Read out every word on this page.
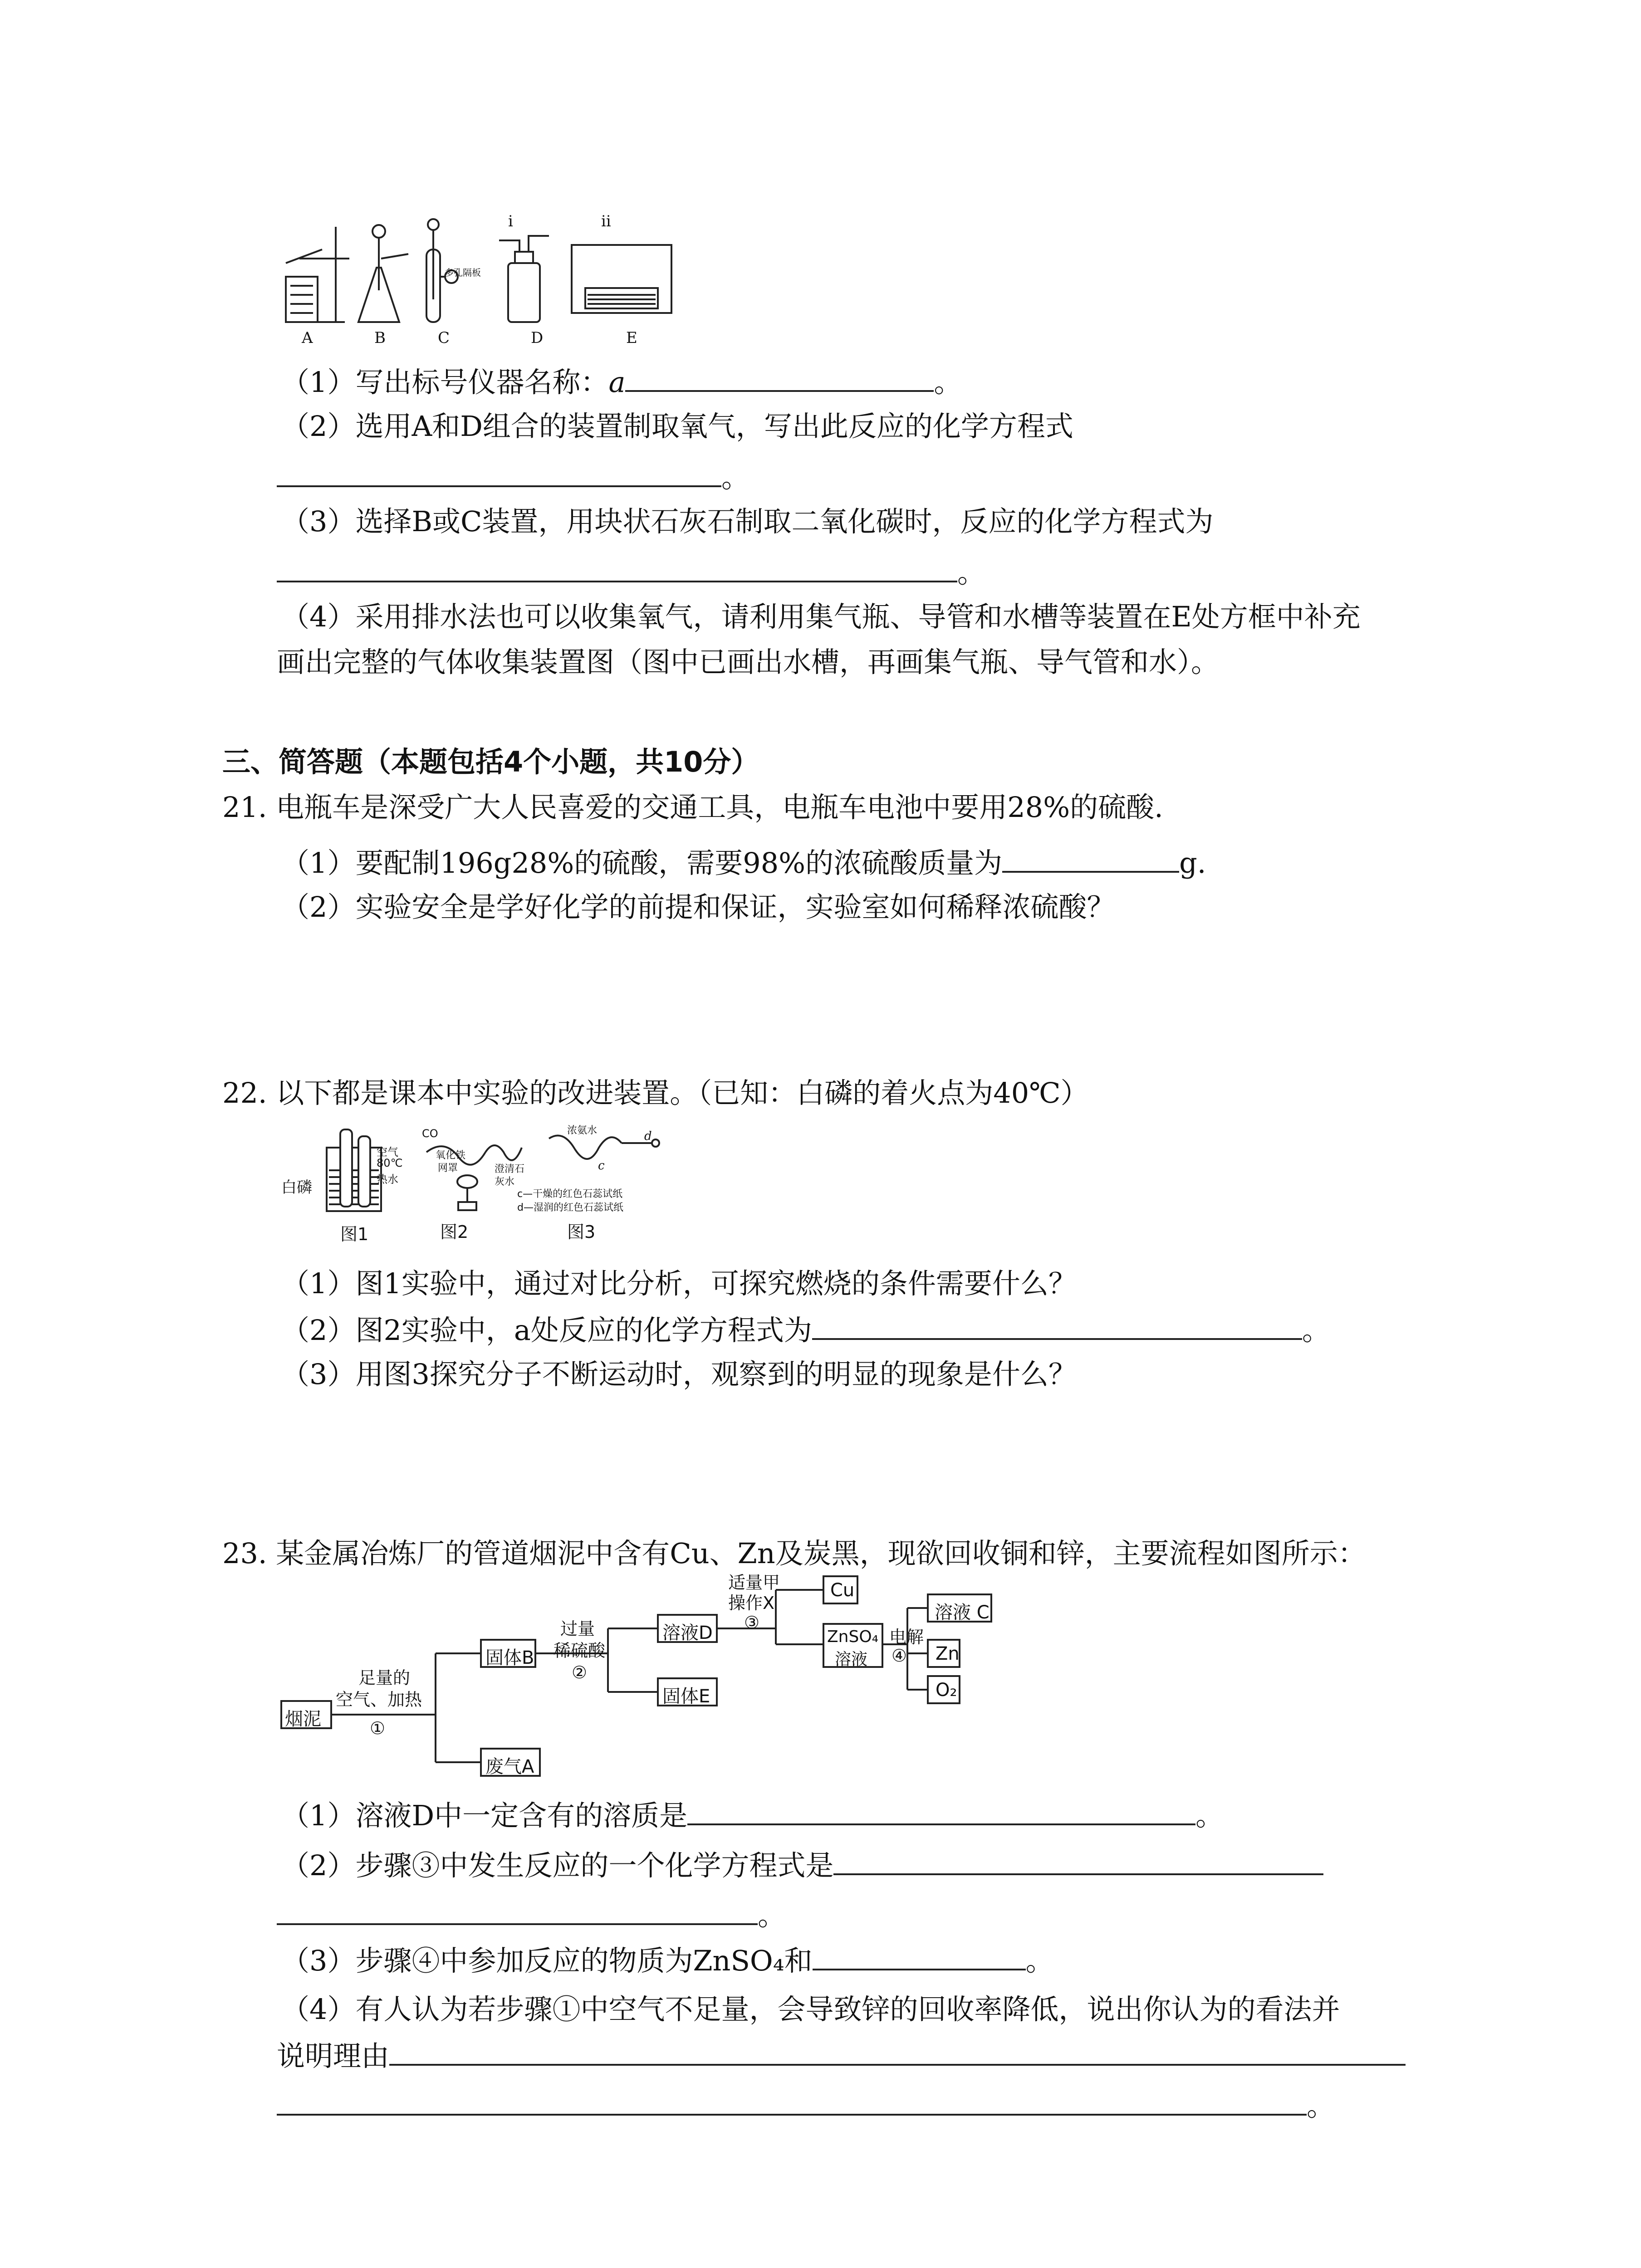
i	ii
多孔隔板
A	B	C	D	E
（1）写出标号仪器名称：a	。
（2）选用A和D组合的装置制取氧气，写出此反应的化学方程式
。
（3）选择B或C装置，用块状石灰石制取二氧化碳时，反应的化学方程式为
。
（4）采用排水法也可以收集氧气，请利用集气瓶、导管和水槽等装置在E处方框中补充
画出完整的气体收集装置图（图中已画出水槽，再画集气瓶、导气管和水）。
三、简答题（本题包括4个小题，共10分）
21. 电瓶车是深受广大人民喜爱的交通工具，电瓶车电池中要用28%的硫酸.
（1）要配制196g28%的硫酸，需要98%的浓硫酸质量为	g.
（2）实验安全是学好化学的前提和保证，实验室如何稀释浓硫酸？
22. 以下都是课本中实验的改进装置。（已知：白磷的着火点为40℃）
白磷
空气
80℃
热水
CO
氧化铁
网罩	澄清石
灰水
浓氨水
c
d
c—干燥的红色石蕊试纸
d—湿润的红色石蕊试纸
图1	图2	图3
（1）图1实验中，通过对比分析，可探究燃烧的条件需要什么？
（2）图2实验中，a处反应的化学方程式为	。
（3）用图3探究分子不断运动时，观察到的明显的现象是什么？
23. 某金属冶炼厂的管道烟泥中含有Cu、Zn及炭黑，现欲回收铜和锌，主要流程如图所示：
烟泥
足量的
空气、加热
①
固体B
废气A
过量
稀硫酸
②
溶液D
固体E
适量甲
操作X
③
Cu
ZnSO₄
溶液
电解
④
溶液 C
Zn
O₂
（1）溶液D中一定含有的溶质是	。
（2）步骤③中发生反应的一个化学方程式是
。
（3）步骤④中参加反应的物质为ZnSO₄和	。
（4）有人认为若步骤①中空气不足量，会导致锌的回收率降低，说出你认为的看法并
说明理由
。
